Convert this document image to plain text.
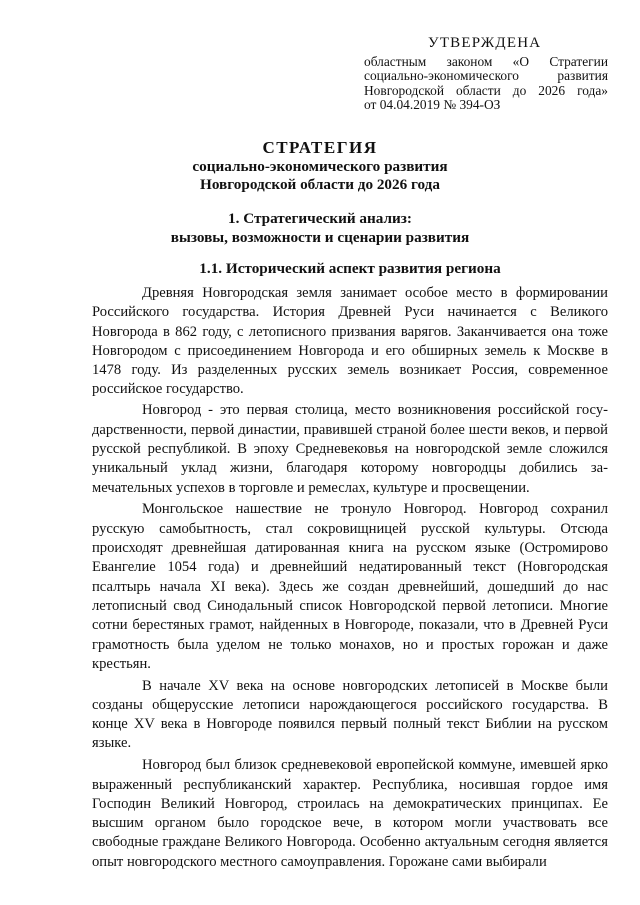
УТВЕРЖДЕНА
областным законом «О Стратегии
социально-экономического развития
Новгородской области до 2026 года»
от 04.04.2019 № 394-ОЗ
СТРАТЕГИЯ
социально-экономического развития
Новгородской области до 2026 года
1. Стратегический анализ:
вызовы, возможности и сценарии развития
1.1. Исторический аспект развития региона

Древняя Новгородская земля занимает особое место в формировании Российского государства. История Древней Руси начинается с Великого Новгорода в 862 году, с летописного призвания варягов. Заканчивается она тоже Новгородом с присоединением Новгорода и его обширных земель к Москве в 1478 году. Из разделенных русских земель возникает Россия, современное российское государство.

Новгород - это первая столица, место возникновения российской государственности, первой династии, правившей страной более шести веков, и первой русской республикой. В эпоху Средневековья на новгородской земле сложился уникальный уклад жизни, благодаря которому новгородцы добились замечательных успехов в торговле и ремеслах, культуре и просвещении.

Монгольское нашествие не тронуло Новгород. Новгород сохранил русскую самобытность, стал сокровищницей русской культуры. Отсюда происходят древнейшая датированная книга на русском языке (Остромирово Евангелие 1054 года) и древнейший недатированный текст (Новгородская псалтырь начала XI века). Здесь же создан древнейший, дошедший до нас летописный свод Синодальный список Новгородской первой летописи. Многие сотни берестяных грамот, найденных в Новгороде, показали, что в Древней Руси грамотность была уделом не только монахов, но и простых горожан и даже крестьян.

В начале XV века на основе новгородских летописей в Москве были созданы общерусские летописи нарождающегося российского государства. В конце XV века в Новгороде появился первый полный текст Библии на русском языке.

Новгород был близок средневековой европейской коммуне, имевшей ярко выраженный республиканский характер. Республика, носившая гордое имя Господин Великий Новгород, строилась на демократических принципах. Ее высшим органом было городское вече, в котором могли участвовать все свободные граждане Великого Новгорода. Особенно актуальным сегодня является опыт новгородского местного самоуправления. Горожане сами выбирали
